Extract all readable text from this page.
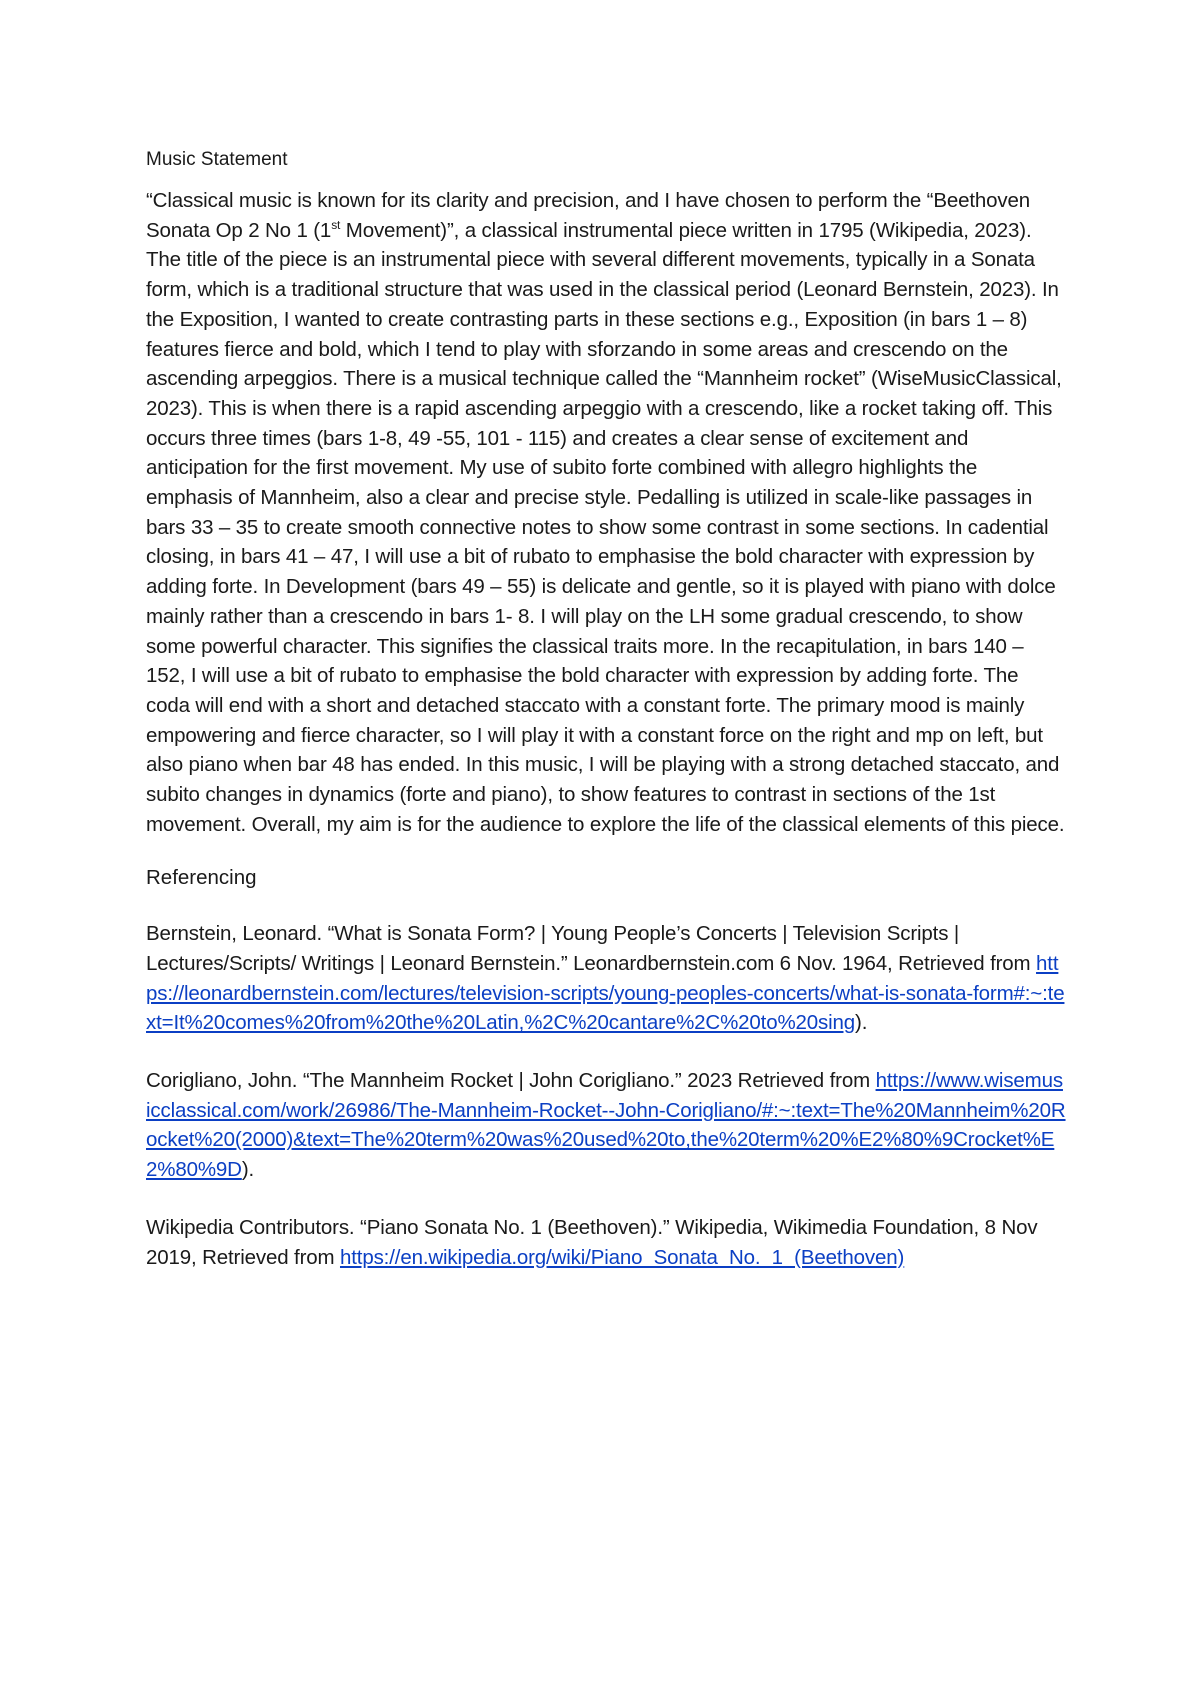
Music Statement

“Classical music is known for its clarity and precision, and I have chosen to perform the “Beethoven Sonata Op 2 No 1 (1st Movement)”, a classical instrumental piece written in 1795 (Wikipedia, 2023). The title of the piece is an instrumental piece with several different movements, typically in a Sonata form, which is a traditional structure that was used in the classical period (Leonard Bernstein, 2023). In the Exposition, I wanted to create contrasting parts in these sections e.g., Exposition (in bars 1 – 8) features fierce and bold, which I tend to play with sforzando in some areas and crescendo on the ascending arpeggios. There is a musical technique called the “Mannheim rocket” (WiseMusicClassical, 2023). This is when there is a rapid ascending arpeggio with a crescendo, like a rocket taking off. This occurs three times (bars 1-8, 49 -55, 101 - 115) and creates a clear sense of excitement and anticipation for the first movement. My use of subito forte combined with allegro highlights the emphasis of Mannheim, also a clear and precise style. Pedalling is utilized in scale-like passages in bars 33 – 35 to create smooth connective notes to show some contrast in some sections. In cadential closing, in bars 41 – 47, I will use a bit of rubato to emphasise the bold character with expression by adding forte. In Development (bars 49 – 55) is delicate and gentle, so it is played with piano with dolce mainly rather than a crescendo in bars 1- 8. I will play on the LH some gradual crescendo, to show some powerful character. This signifies the classical traits more. In the recapitulation, in bars 140 – 152, I will use a bit of rubato to emphasise the bold character with expression by adding forte. The coda will end with a short and detached staccato with a constant forte. The primary mood is mainly empowering and fierce character, so I will play it with a constant force on the right and mp on left, but also piano when bar 48 has ended. In this music, I will be playing with a strong detached staccato, and subito changes in dynamics (forte and piano), to show features to contrast in sections of the 1st movement. Overall, my aim is for the audience to explore the life of the classical elements of this piece.

Referencing

Bernstein, Leonard. “What is Sonata Form? | Young People’s Concerts | Television Scripts | Lectures/Scripts/ Writings | Leonard Bernstein.” Leonardbernstein.com 6 Nov. 1964, Retrieved from https://leonardbernstein.com/lectures/television-scripts/young-peoples-concerts/what-is-sonata-form#:~:text=It%20comes%20from%20the%20Latin,%2C%20cantare%2C%20to%20sing).

Corigliano, John. “The Mannheim Rocket | John Corigliano.” 2023 Retrieved from https://www.wisemusicclassical.com/work/26986/The-Mannheim-Rocket--John-Corigliano/#:~:text=The%20Mannheim%20Rocket%20(2000)&text=The%20term%20was%20used%20to,the%20term%20%E2%80%9Crocket%E2%80%9D).

Wikipedia Contributors. “Piano Sonata No. 1 (Beethoven).” Wikipedia, Wikimedia Foundation, 8 Nov 2019, Retrieved from https://en.wikipedia.org/wiki/Piano_Sonata_No._1_(Beethoven)
